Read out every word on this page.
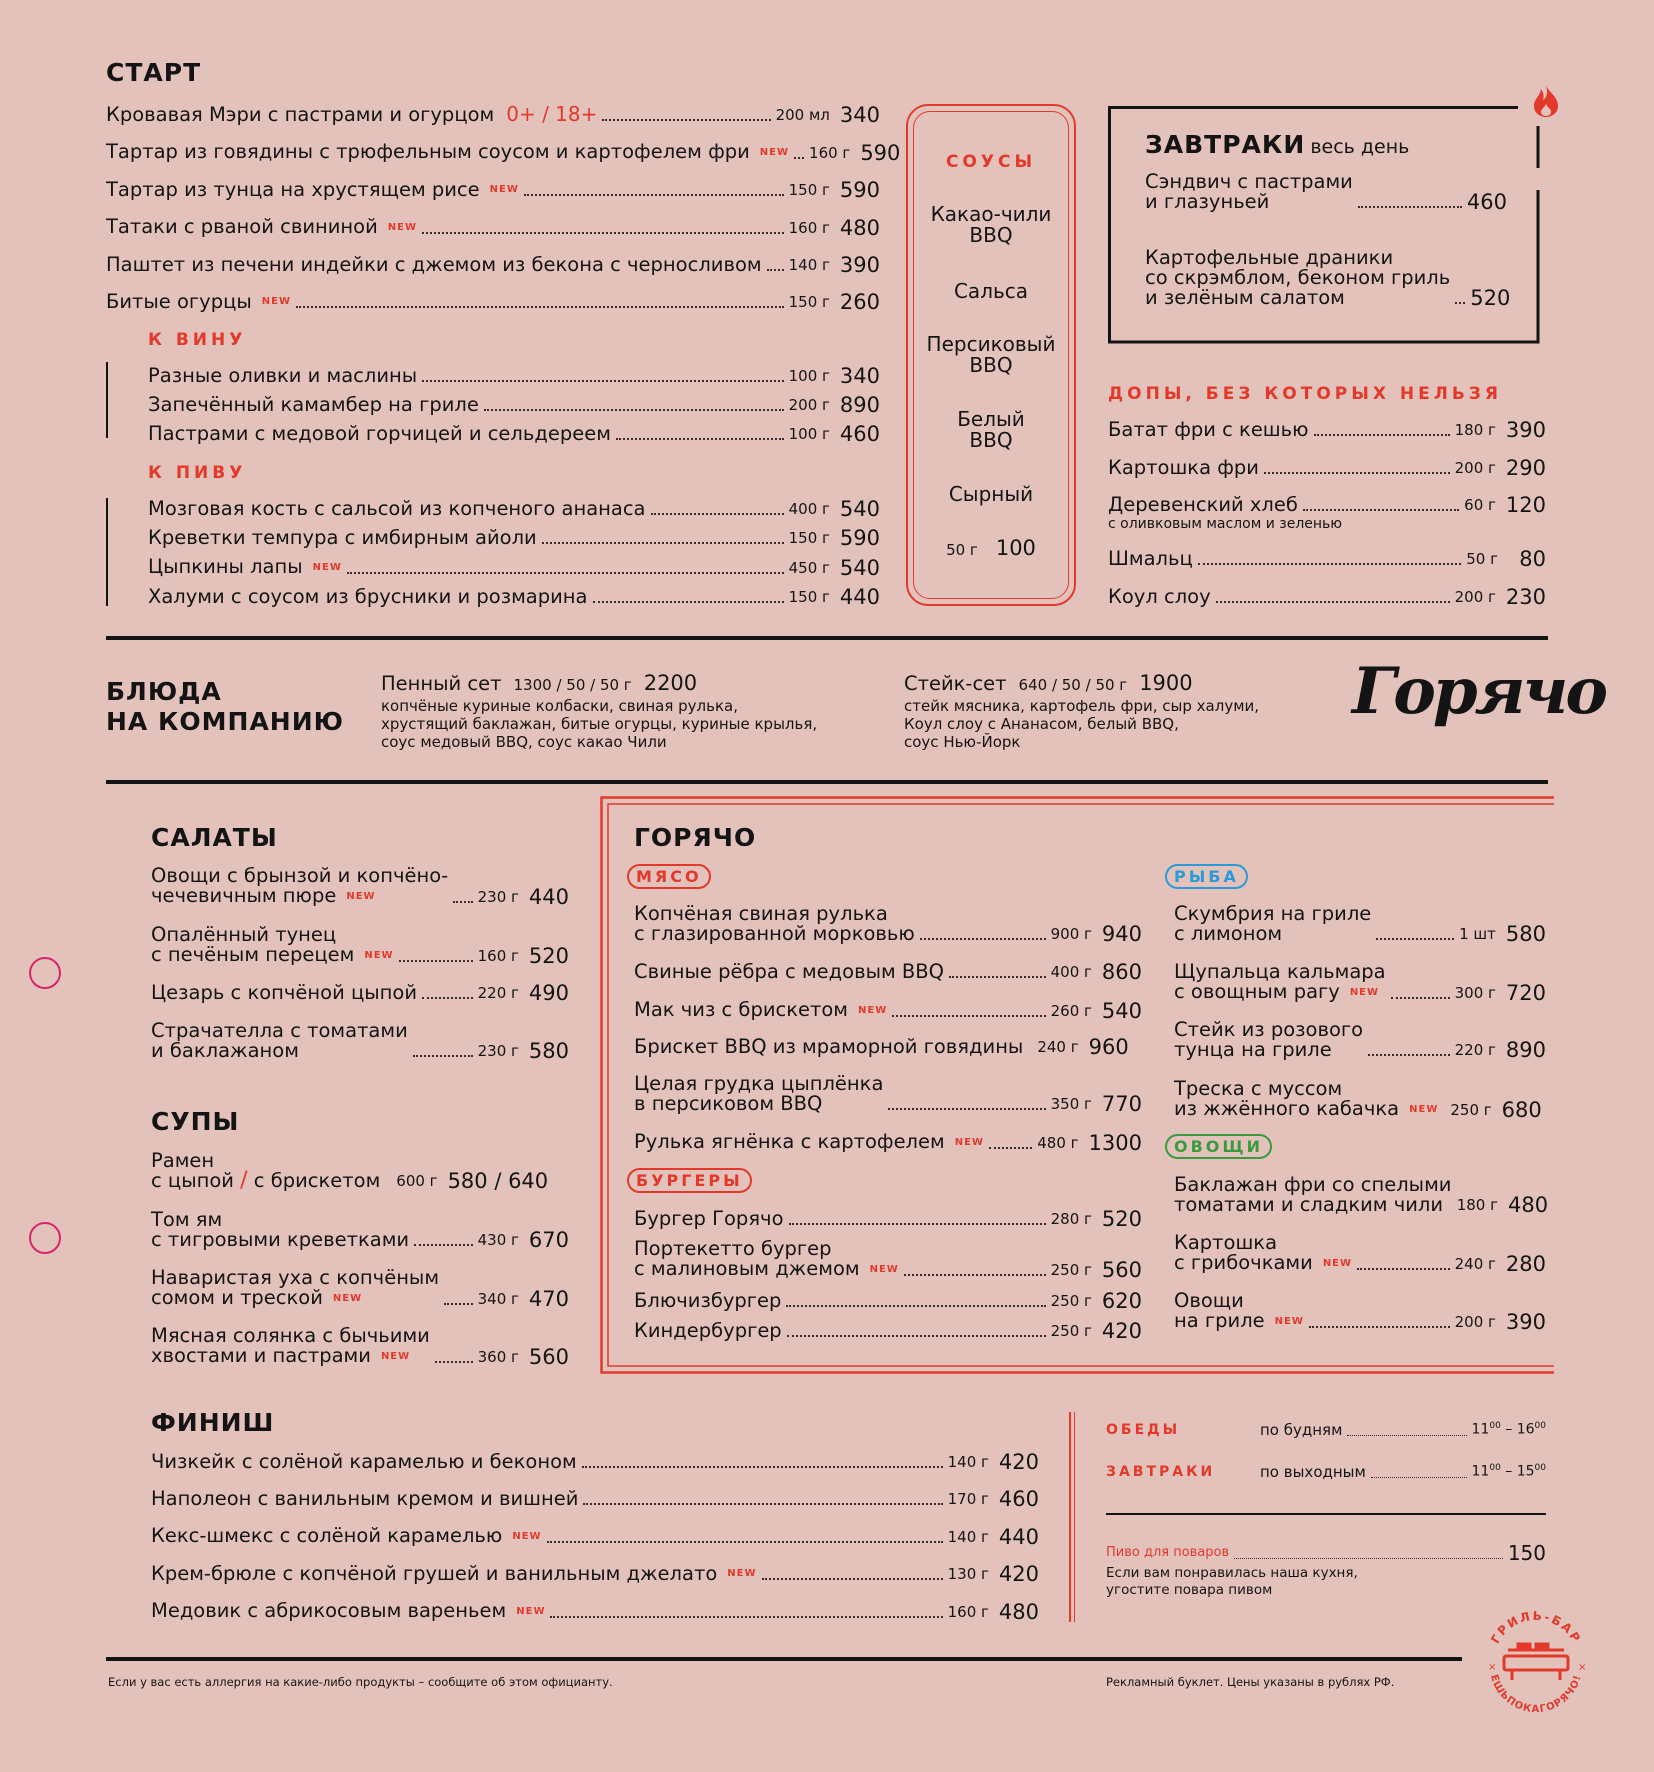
СТАРТ
Кровавая Мэри с пастрами и огурцом 0+ / 18+	200 мл 340
Тартар из говядины с трюфельным соусом и картофелем фри NEW 160 г 590
Тартар из тунца на хрустящем рисе NEW	150 г 590
Татаки с рваной свининой NEW	160 г 480
Паштет из печени индейки с джемом из бекона с черносливом 140 г 390
Битые огурцы NEW	150 г 260
К ВИНУ
Разные оливки и маслины	100 г 340
Запечённый камамбер на гриле	200 г 890
Пастрами с медовой горчицей и сельдереем	100 г 460
К ПИВУ
Мозговая кость с сальсой из копченого ананаса	400 г 540
Креветки темпура с имбирным айоли	150 г 590
Цыпкины лапы NEW	450 г 540
Халуми с соусом из брусники и розмарина	150 г 440
СОУСЫ
Какао-чили
BBQ
Сальса
Персиковый
BBQ
Белый
BBQ
Сырный
50 г 100
ЗАВТРАКИ весь день
Сэндвич с пастрами
и глазуньей	460
Картофельные драники
со скрэмблом, беконом гриль
и зелёным салатом	520
ДОПЫ, БЕЗ КОТОРЫХ НЕЛЬЗЯ
Батат фри с кешью	180 г 390
Картошка фри	200 г 290
Деревенский хлеб	60 г 120
с оливковым маслом и зеленью
Шмальц	50 г	80
Коул слоу	200 г 230
БЛЮДА
НА КОМПАНИЮ
Пенный сет 1300 / 50 / 50 г 2200
копчёные куриные колбаски, свиная рулька,
хрустящий баклажан, битые огурцы, куриные крылья,
соус медовый BBQ, соус какао Чили
Стейк-сет 640 / 50 / 50 г 1900
стейк мясника, картофель фри, сыр халуми,
Коул слоу с Ананасом, белый BBQ,
соус Нью-Йорк
Горячо
САЛАТЫ
Овощи с брынзой и копчёно-
чечевичным пюре NEW	230 г 440
Опалённый тунец
с печёным перецем NEW	160 г 520
Цезарь с копчёной цыпой	220 г 490
Страчателла с томатами
и баклажаном	230 г 580
СУПЫ
Рамен
с цыпой / с брискетом 600 г 580 / 640
Том ям
с тигровыми креветками	430 г 670
Наваристая уха с копчёным
сомом и треской NEW	340 г 470
Мясная солянка с бычьими
хвостами и пастрами NEW	360 г 560
ГОРЯЧО
МЯСО
Копчёная свиная рулька
с глазированной морковью	900 г 940
Свиные рёбра с медовым BBQ	400 г 860
Мак чиз с брискетом NEW	260 г 540
Брискет BBQ из мраморной говядины 240 г 960
Целая грудка цыплёнка
в персиковом BBQ	350 г 770
Рулька ягнёнка с картофелем NEW	480 г 1300
БУРГЕРЫ
Бургер Горячо	280 г 520
Портекетто бургер
с малиновым джемом NEW	250 г 560
Блючизбургер	250 г 620
Киндербургер	250 г 420
РЫБА
Скумбрия на гриле
с лимоном	1 шт 580
Щупальца кальмара
с овощным рагу NEW	300 г 720
Стейк из розового
тунца на гриле	220 г 890
Треска с муссом
из жжённого кабачка NEW 250 г 680
ОВОЩИ
Баклажан фри со спелыми
томатами и сладким чили 180 г 480
Картошка
с грибочками NEW	240 г 280
Овощи
на гриле NEW	200 г 390
ФИНИШ
Чизкейк с солёной карамелью и беконом	140 г 420
Наполеон с ванильным кремом и вишней	170 г 460
Кекс-шмекс с солёной карамелью NEW	140 г 440
Крем-брюле с копчёной грушей и ванильным джелато NEW	130 г 420
Медовик с абрикосовым вареньем NEW	160 г 480
ОБЕДЫ	по будням	$11^{00} - 16^{00}$
ЗАВТРАКИ	по выходным	$11^{00} - 15^{00}$
Пиво для поваров	150
Если вам понравилась наша кухня,
угостите повара пивом
Если у вас есть аллергия на какие-либо продукты – сообщите об этом официанту.	Рекламный буклет. Цены указаны в рублях РФ.
ГРИЛЬ-БАР
ЕШЬПОКАГОРЯЧО!
×	×
